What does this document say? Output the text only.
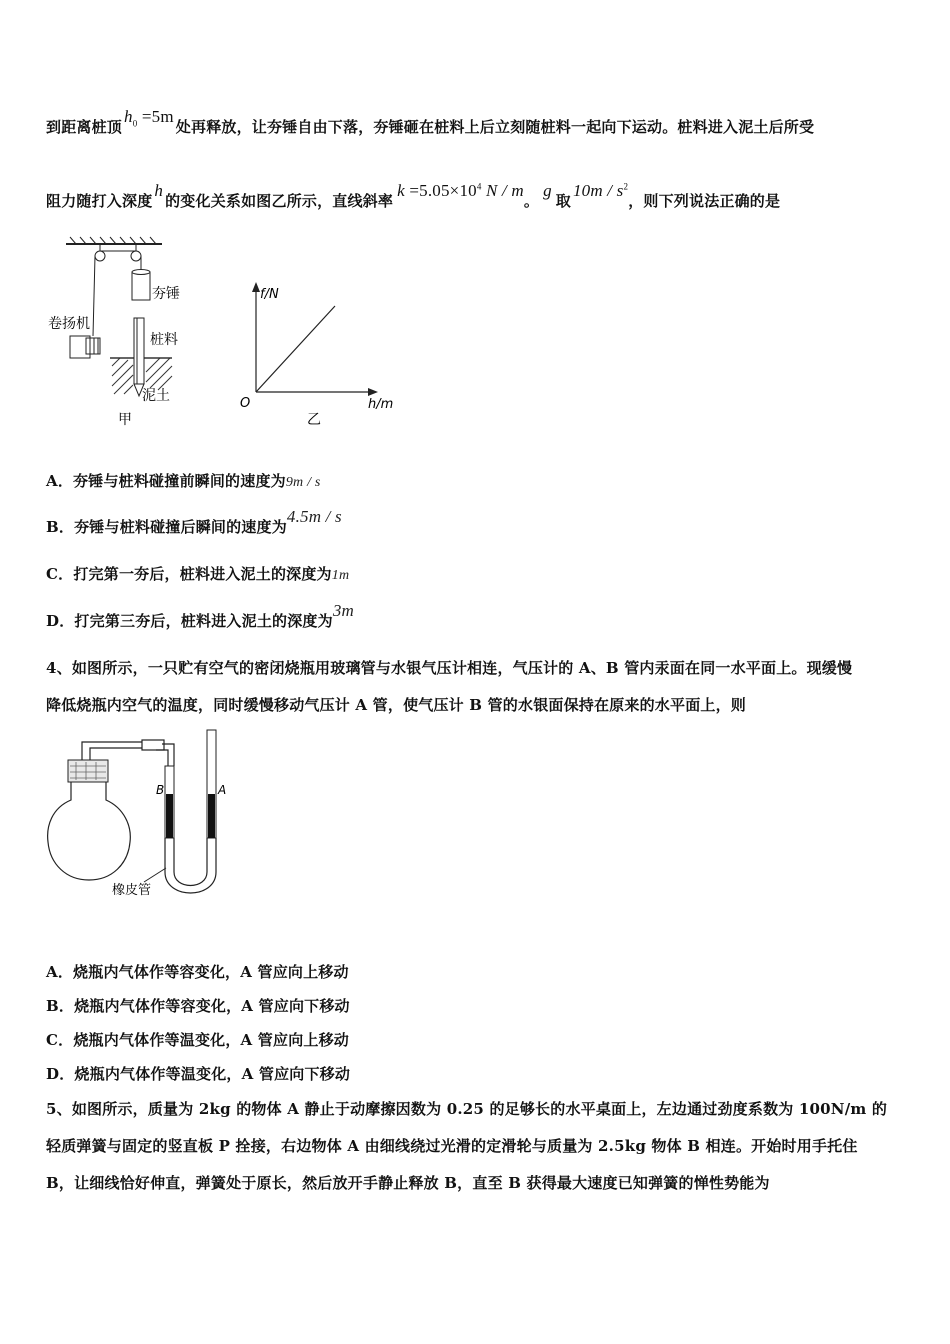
到距离桩顶$h_0 =5m$处再释放，让夯锤自由下落，夯锤砸在桩料上后立刻随桩料一起向下运动。桩料进入泥土后所受
阻力随打入深度h的变化关系如图乙所示，直线斜率$k =5.05\times 10^4$ N / m。g取$10m / s^2$，则下列说法正确的是
夯锤
卷扬机
桩料
泥土
甲
f/N
h/m
O
乙
A．夯锤与桩料碰撞前瞬间的速度为9m / s
B．夯锤与桩料碰撞后瞬间的速度为4.5m / s
C．打完第一夯后，桩料进入泥土的深度为1m
D．打完第三夯后，桩料进入泥土的深度为3m
4、如图所示，一只贮有空气的密闭烧瓶用玻璃管与水银气压计相连，气压计的 A、B 管内汞面在同一水平面上。现缓慢
降低烧瓶内空气的温度，同时缓慢移动气压计 A 管，使气压计 B 管的水银面保持在原来的水平面上，则
B	A
橡皮管
A．烧瓶内气体作等容变化，A 管应向上移动
B．烧瓶内气体作等容变化，A 管应向下移动
C．烧瓶内气体作等温变化，A 管应向上移动
D．烧瓶内气体作等温变化，A 管应向下移动
5、如图所示，质量为 2kg 的物体 A 静止于动摩擦因数为 0.25 的足够长的水平桌面上，左边通过劲度系数为 100N/m 的
轻质弹簧与固定的竖直板 P 拴接，右边物体 A 由细线绕过光滑的定滑轮与质量为 2.5kg 物体 B 相连。开始时用手托住
B，让细线恰好伸直，弹簧处于原长，然后放开手静止释放 B，直至 B 获得最大速度已知弹簧的惮性势能为
